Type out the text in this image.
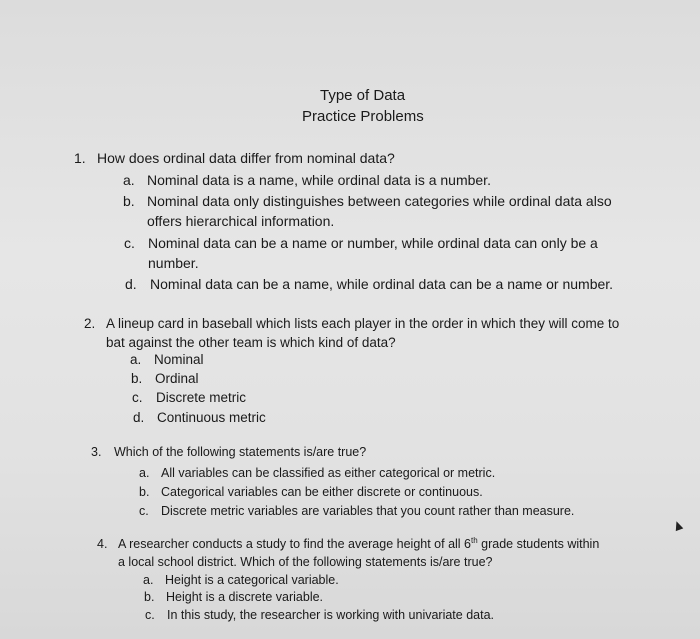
Type of Data
Practice Problems
1. How does ordinal data differ from nominal data?
a. Nominal data is a name, while ordinal data is a number.
b. Nominal data only distinguishes between categories while ordinal data also
offers hierarchical information.
c. Nominal data can be a name or number, while ordinal data can only be a
number.
d. Nominal data can be a name, while ordinal data can be a name or number.
2. A lineup card in baseball which lists each player in the order in which they will come to
bat against the other team is which kind of data?
a. Nominal
b. Ordinal
c. Discrete metric
d. Continuous metric
3. Which of the following statements is/are true?
a. All variables can be classified as either categorical or metric.
b. Categorical variables can be either discrete or continuous.
c. Discrete metric variables are variables that you count rather than measure.
4. A researcher conducts a study to find the average height of all 6th grade students within
a local school district. Which of the following statements is/are true?
a. Height is a categorical variable.
b. Height is a discrete variable.
c. In this study, the researcher is working with univariate data.
